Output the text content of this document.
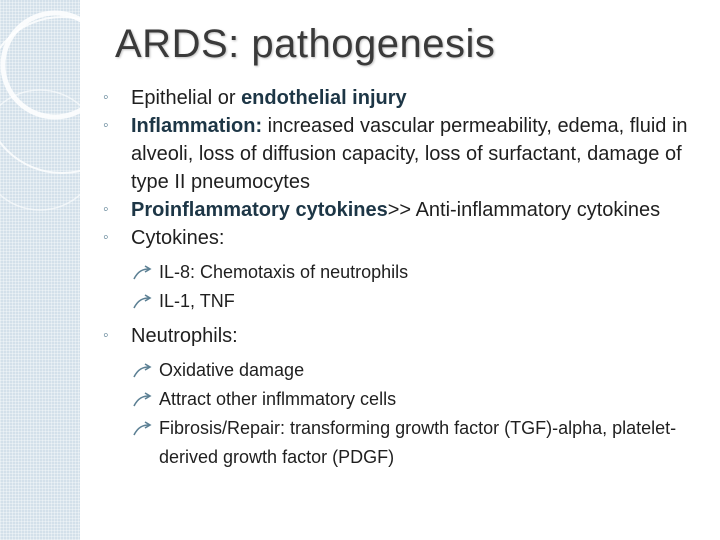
ARDS: pathogenesis

◦	Epithelial or endothelial injury

◦	Inflammation: increased vascular permeability, edema, fluid in alveoli, loss of diffusion capacity, loss of surfactant, damage of type II pneumocytes

◦	Proinflammatory cytokines>> Anti-inflammatory cytokines

◦	Cytokines:

IL-8: Chemotaxis of neutrophils

IL-1, TNF

◦	Neutrophils:

Oxidative damage

Attract other inflmmatory cells

Fibrosis/Repair: transforming growth factor (TGF)-alpha, platelet-derived growth factor (PDGF)
